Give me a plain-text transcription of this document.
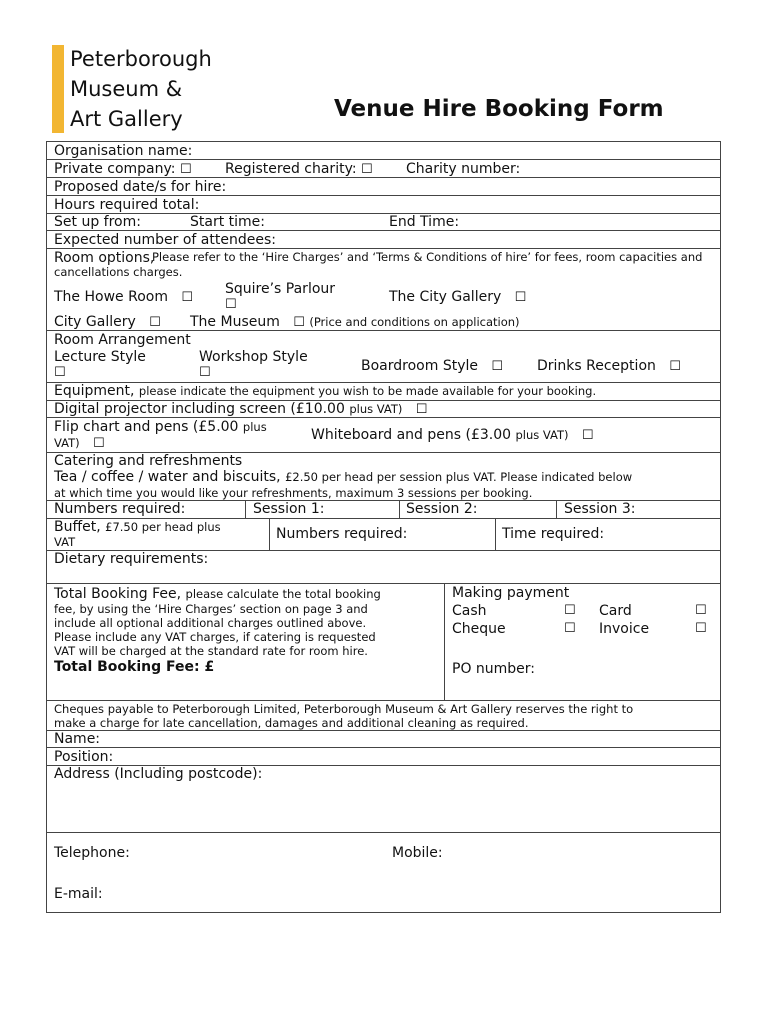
Peterborough
Museum &
Art Gallery	Venue Hire Booking Form
Organisation name:
Private company: ☐ Registered charity: ☐ Charity number:
Proposed date/s for hire:
Hours required total:
Set up from:	Start time:	End Time:
Expected number of attendees:
Room options,
Please refer to the ‘Hire Charges’ and ‘Terms & Conditions of hire’ for fees, room capacities and cancellations charges.
The Howe Room ☐
Squire’s Parlour
☐	The City Gallery ☐
City Gallery ☐ The Museum ☐ (Price and conditions on application)
Room Arrangement
Lecture Style
☐
Workshop Style
☐	Boardroom Style ☐ Drinks Reception ☐
Equipment, please indicate the equipment you wish to be made available for your booking.
Digital projector including screen (£10.00 plus VAT) ☐
Flip chart and pens (£5.00 plus
VAT) ☐
Whiteboard and pens (£3.00 plus VAT) ☐
Catering and refreshments
Tea / coffee / water and biscuits, £2.50 per head per session plus VAT. Please indicated below
at which time you would like your refreshments, maximum 3 sessions per booking.
Numbers required:	Session 1:	Session 2:	Session 3:
Buffet, £7.50 per head plus
VAT	Numbers required:	Time required:
Dietary requirements:
Total Booking Fee, please calculate the total booking
fee, by using the ‘Hire Charges’ section on page 3 and
include all optional additional charges outlined above.
Please include any VAT charges, if catering is requested
VAT will be charged at the standard rate for room hire.
Total Booking Fee: £
Making payment
Cash	☐ Card	☐
Cheque	☐ Invoice	☐
PO number:
Cheques payable to Peterborough Limited, Peterborough Museum & Art Gallery reserves the right to
make a charge for late cancellation, damages and additional cleaning as required.
Name:
Position:
Address (Including postcode):
Telephone:	Mobile:
E-mail:
